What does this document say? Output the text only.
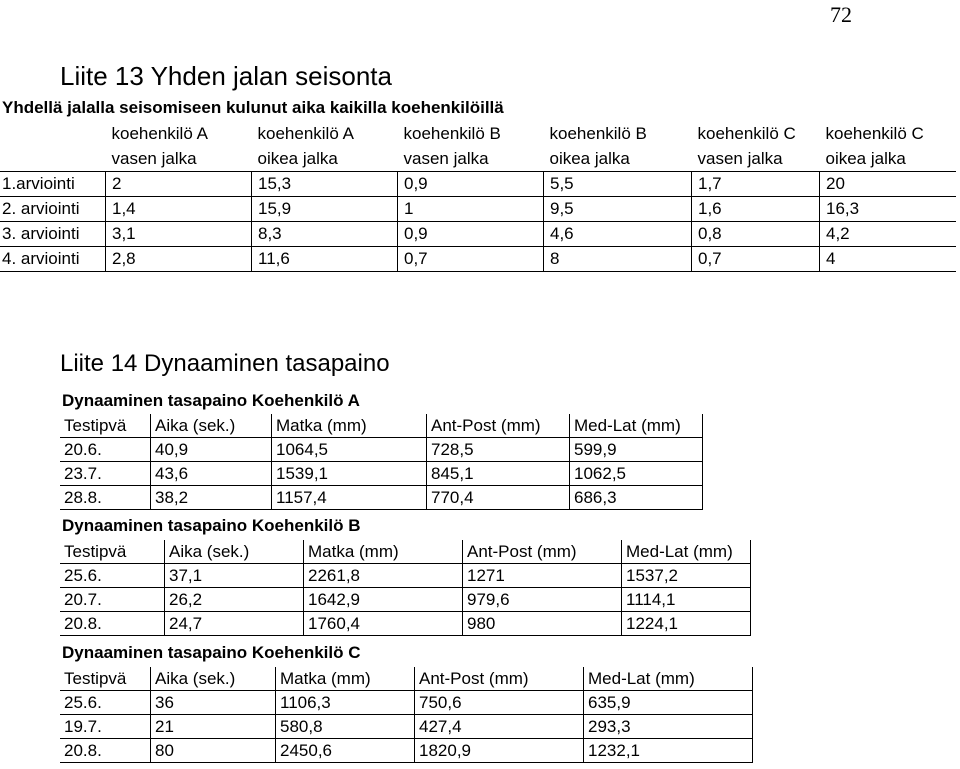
72
Liite 13 Yhden jalan seisonta
Yhdellä jalalla seisomiseen kulunut aika kaikilla koehenkilöillä
	koehenkilö A	koehenkilö A	koehenkilö B	koehenkilö B	koehenkilö C	koehenkilö C
	vasen jalka	oikea jalka	vasen jalka	oikea jalka	vasen jalka	oikea jalka
1.arviointi	2	15,3	0,9	5,5	1,7	20
2. arviointi	1,4	15,9	1	9,5	1,6	16,3
3. arviointi	3,1	8,3	0,9	4,6	0,8	4,2
4. arviointi	2,8	11,6	0,7	8	0,7	4
Liite 14 Dynaaminen tasapaino
Dynaaminen tasapaino Koehenkilö A
Testipvä	Aika (sek.)	Matka (mm)	Ant-Post (mm)	Med-Lat (mm)
20.6.	40,9	1064,5	728,5	599,9
23.7.	43,6	1539,1	845,1	1062,5
28.8.	38,2	1157,4	770,4	686,3
Dynaaminen tasapaino Koehenkilö B
Testipvä	Aika (sek.)	Matka (mm)	Ant-Post (mm)	Med-Lat (mm)
25.6.	37,1	2261,8	1271	1537,2
20.7.	26,2	1642,9	979,6	1114,1
20.8.	24,7	1760,4	980	1224,1
Dynaaminen tasapaino Koehenkilö C
Testipvä	Aika (sek.)	Matka (mm)	Ant-Post (mm)	Med-Lat (mm)
25.6.	36	1106,3	750,6	635,9
19.7.	21	580,8	427,4	293,3
20.8.	80	2450,6	1820,9	1232,1
